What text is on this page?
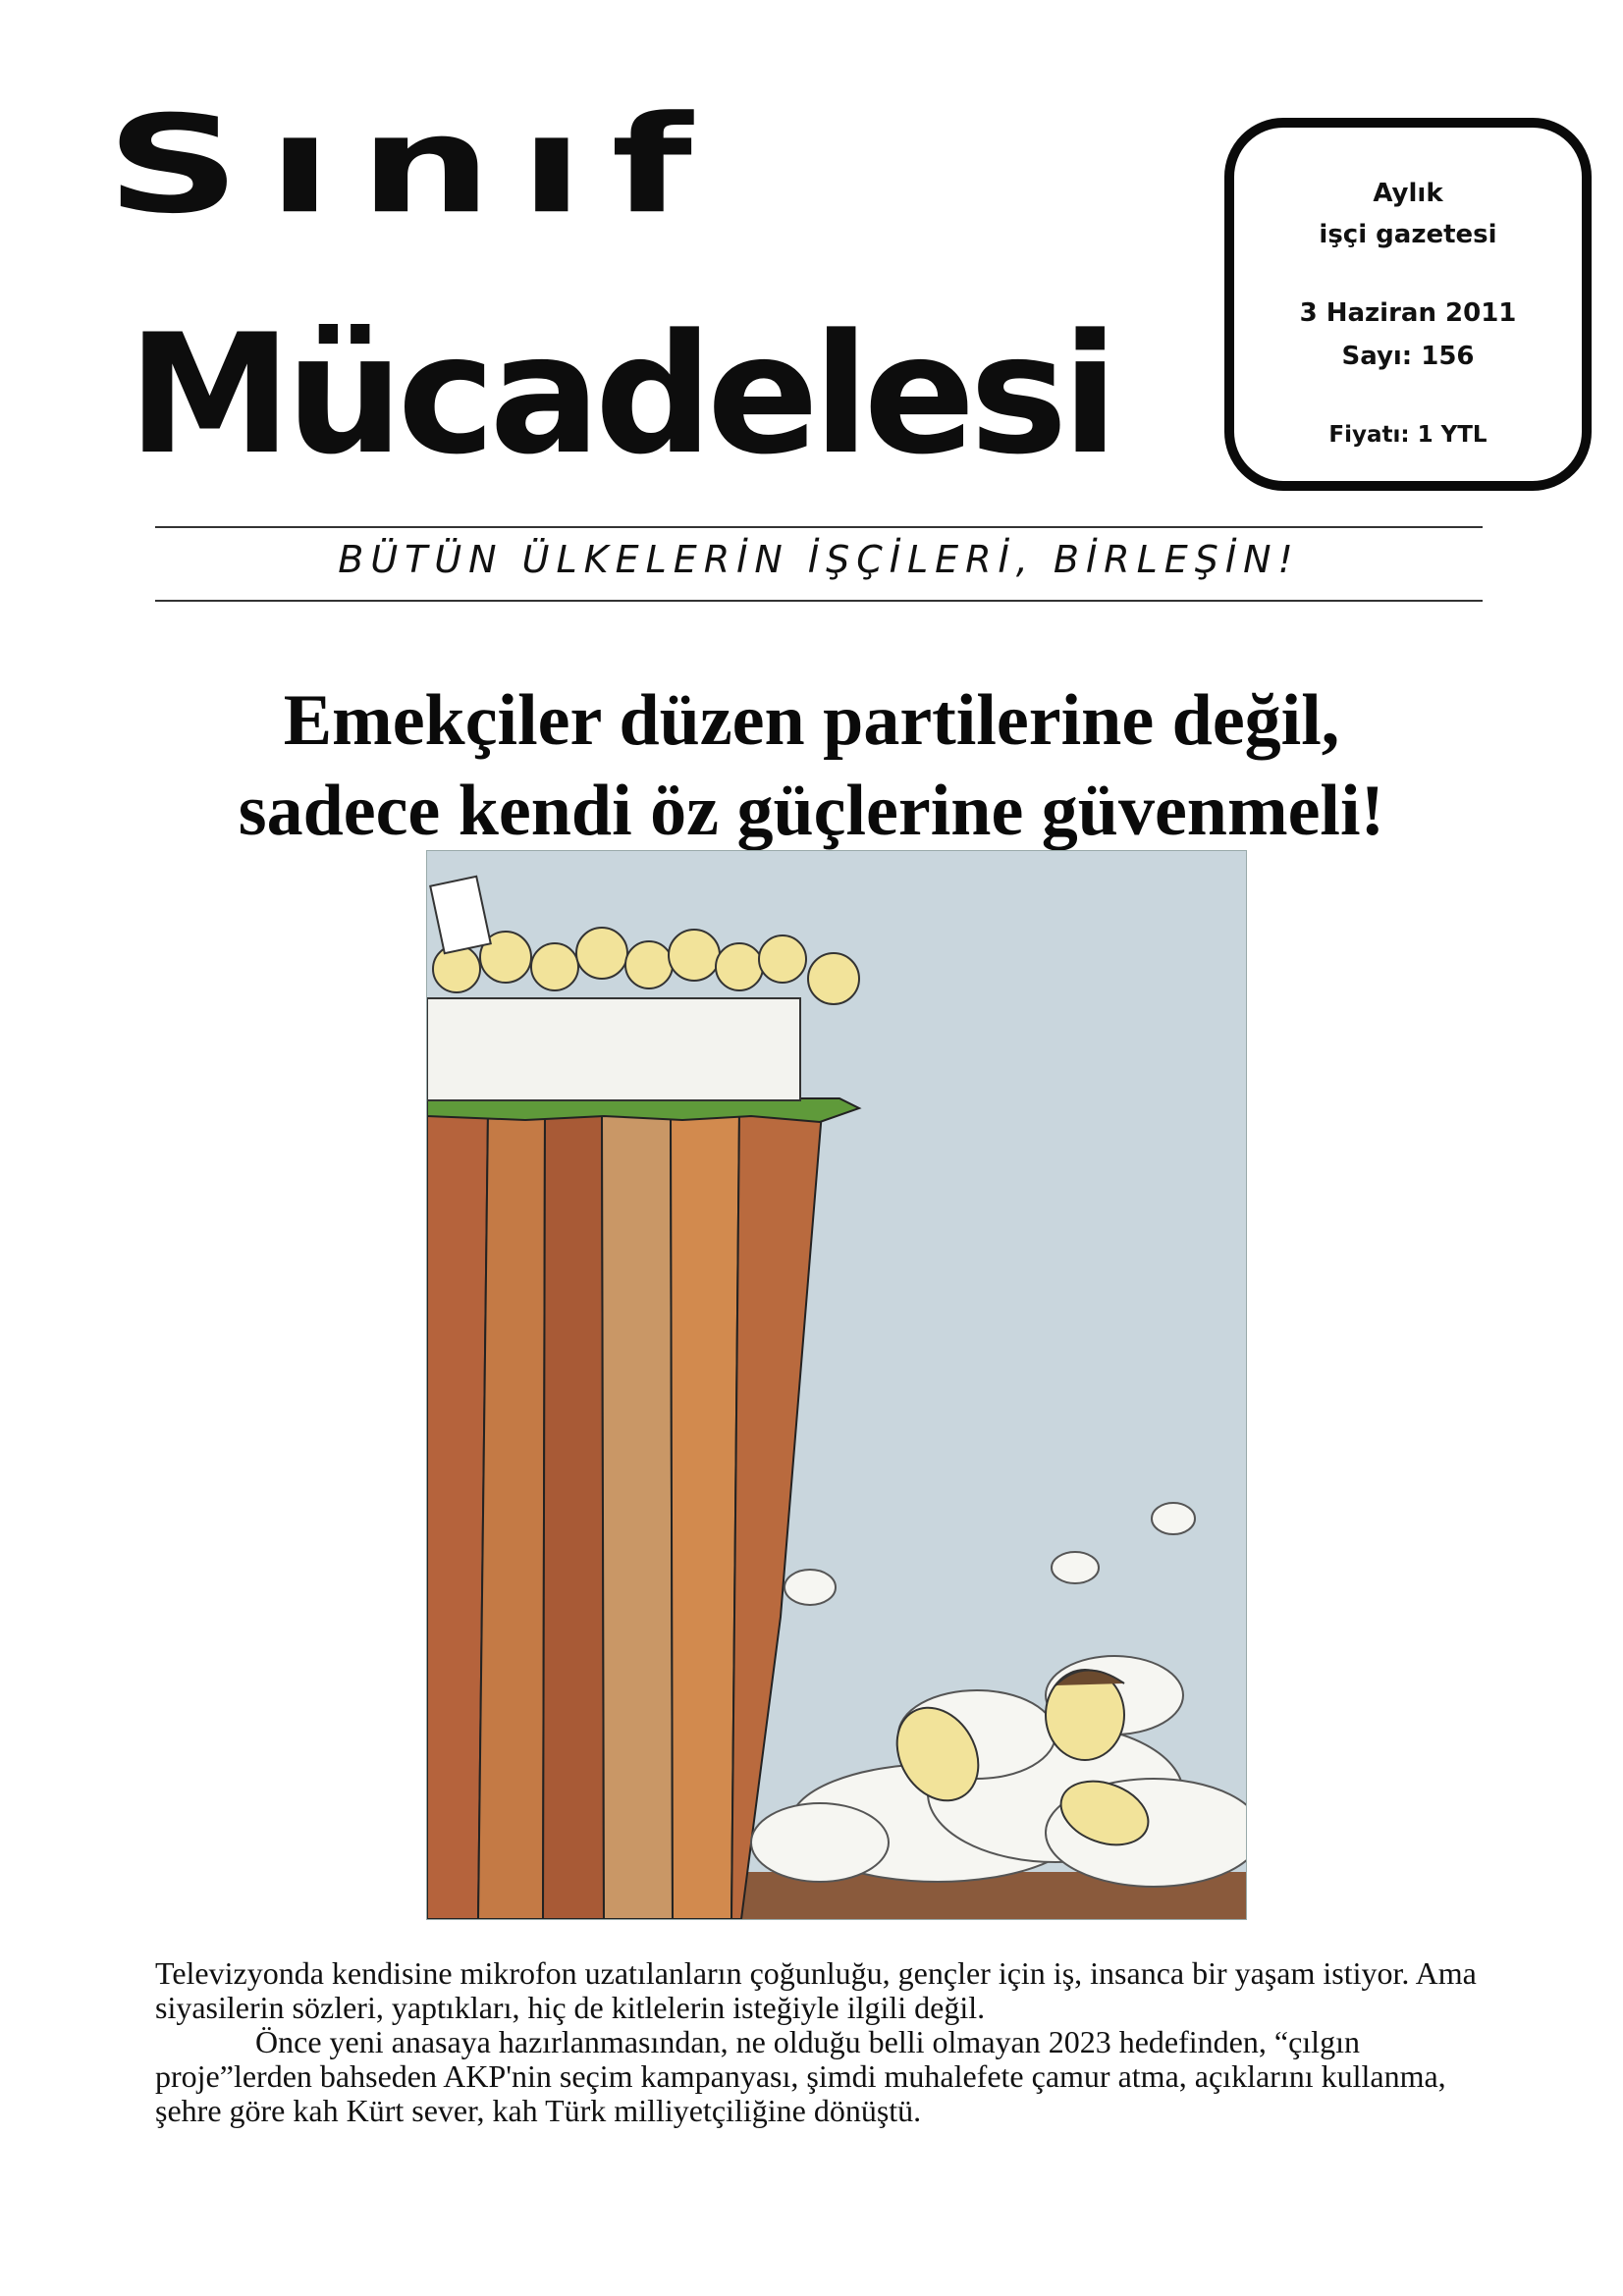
Sınıf
Mücadelesi
Aylık
işçi gazetesi
3 Haziran 2011
Sayı: 156
Fiyatı: 1 YTL
BÜTÜN ÜLKELERİN İŞÇİLERİ, BİRLEŞİN!
Emekçiler düzen partilerine değil,
sadece kendi öz güçlerine güvenmeli!

Televizyonda kendisine mikrofon uzatılanların çoğunluğu, gençler için iş, insanca bir yaşam istiyor. Ama siyasilerin sözleri, yaptıkları, hiç de kitlelerin isteğiyle ilgili değil.

Önce yeni anasaya hazırlanmasından, ne olduğu belli olmayan 2023 hedefinden, “çılgın proje”lerden bahseden AKP'nin seçim kampanyası, şimdi muhalefete çamur atma, açıklarını kullanma, şehre göre kah Kürt sever, kah Türk milliyetçiliğine dönüştü.
